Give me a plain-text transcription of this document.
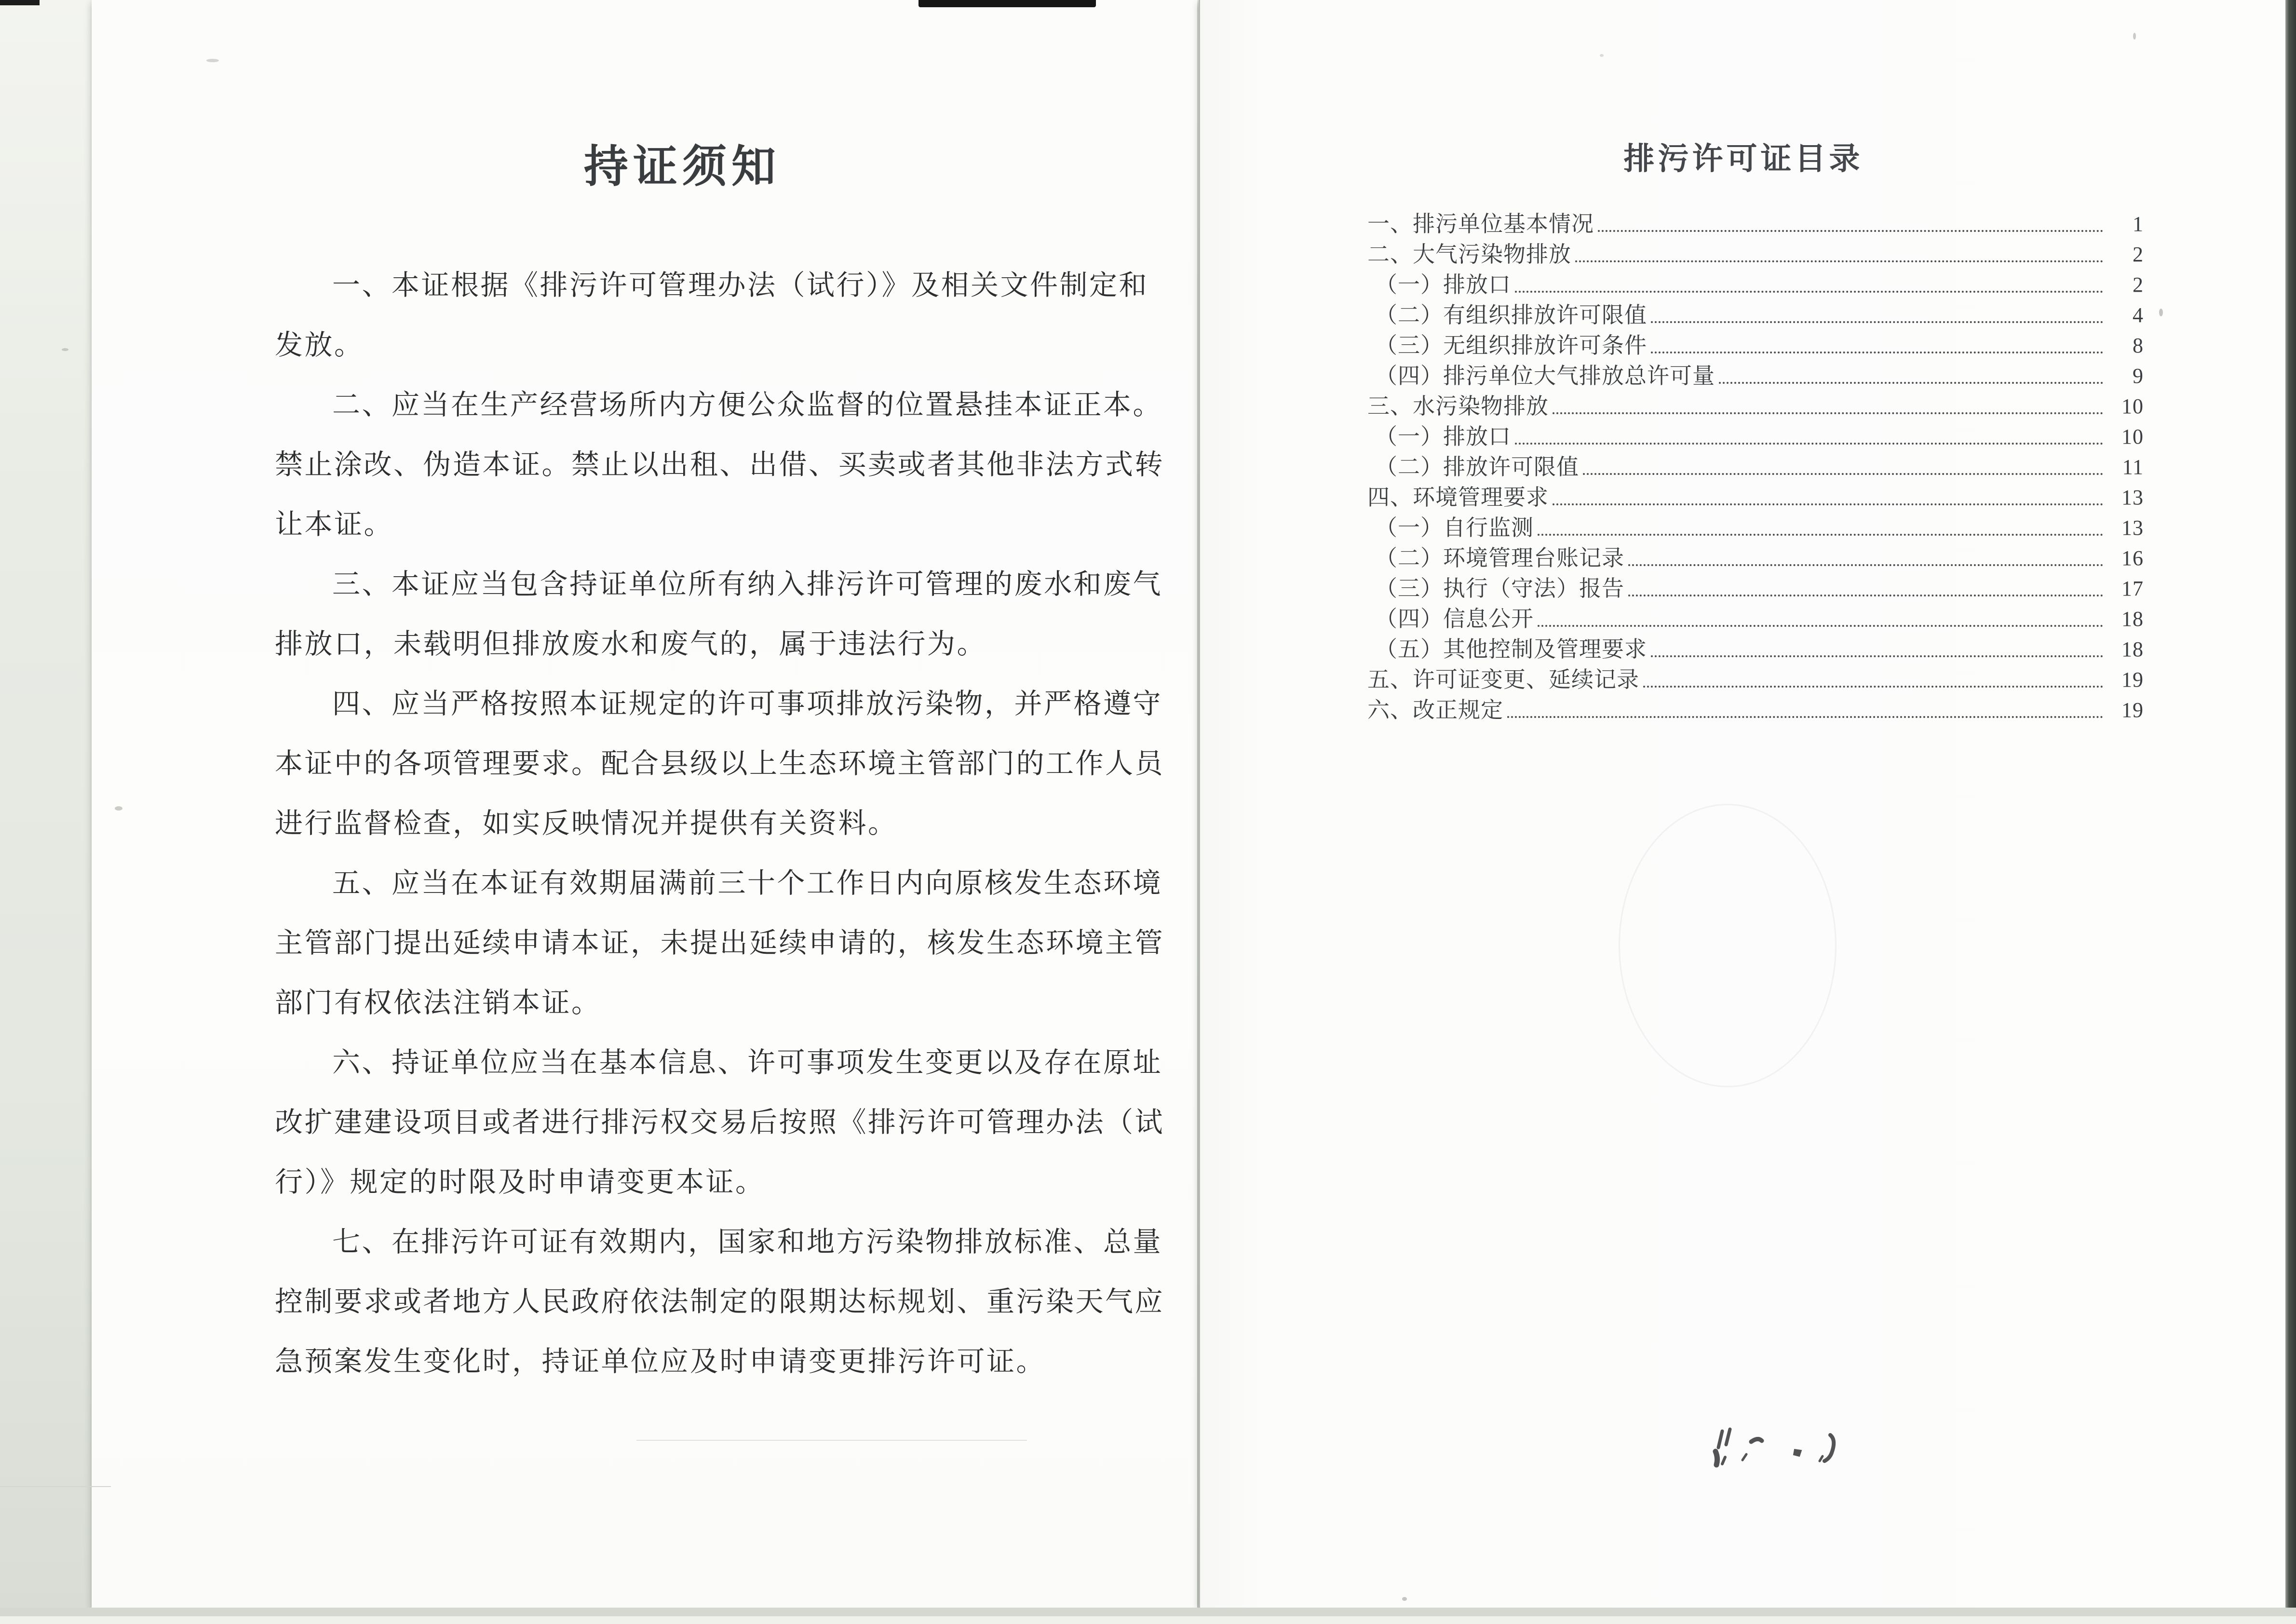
持证须知
一、本证根据《排污许可管理办法（试行）》及相关文件制定和
发放。
二、应当在生产经营场所内方便公众监督的位置悬挂本证正本。
禁止涂改、伪造本证。禁止以出租、出借、买卖或者其他非法方式转
让本证。
三、本证应当包含持证单位所有纳入排污许可管理的废水和废气
排放口，未载明但排放废水和废气的，属于违法行为。
四、应当严格按照本证规定的许可事项排放污染物，并严格遵守
本证中的各项管理要求。配合县级以上生态环境主管部门的工作人员
进行监督检查，如实反映情况并提供有关资料。
五、应当在本证有效期届满前三十个工作日内向原核发生态环境
主管部门提出延续申请本证，未提出延续申请的，核发生态环境主管
部门有权依法注销本证。
六、持证单位应当在基本信息、许可事项发生变更以及存在原址
改扩建建设项目或者进行排污权交易后按照《排污许可管理办法（试
行）》规定的时限及时申请变更本证。
七、在排污许可证有效期内，国家和地方污染物排放标准、总量
控制要求或者地方人民政府依法制定的限期达标规划、重污染天气应
急预案发生变化时，持证单位应及时申请变更排污许可证。
排污许可证目录
一、排污单位基本情况	1
二、大气污染物排放	2
（一）排放口	2
（二）有组织排放许可限值	4
（三）无组织排放许可条件	8
（四）排污单位大气排放总许可量	9
三、水污染物排放	10
（一）排放口	10
（二）排放许可限值	11
四、环境管理要求	13
（一）自行监测	13
（二）环境管理台账记录	16
（三）执行（守法）报告	17
（四）信息公开	18
（五）其他控制及管理要求	18
五、许可证变更、延续记录	19
六、改正规定	19
